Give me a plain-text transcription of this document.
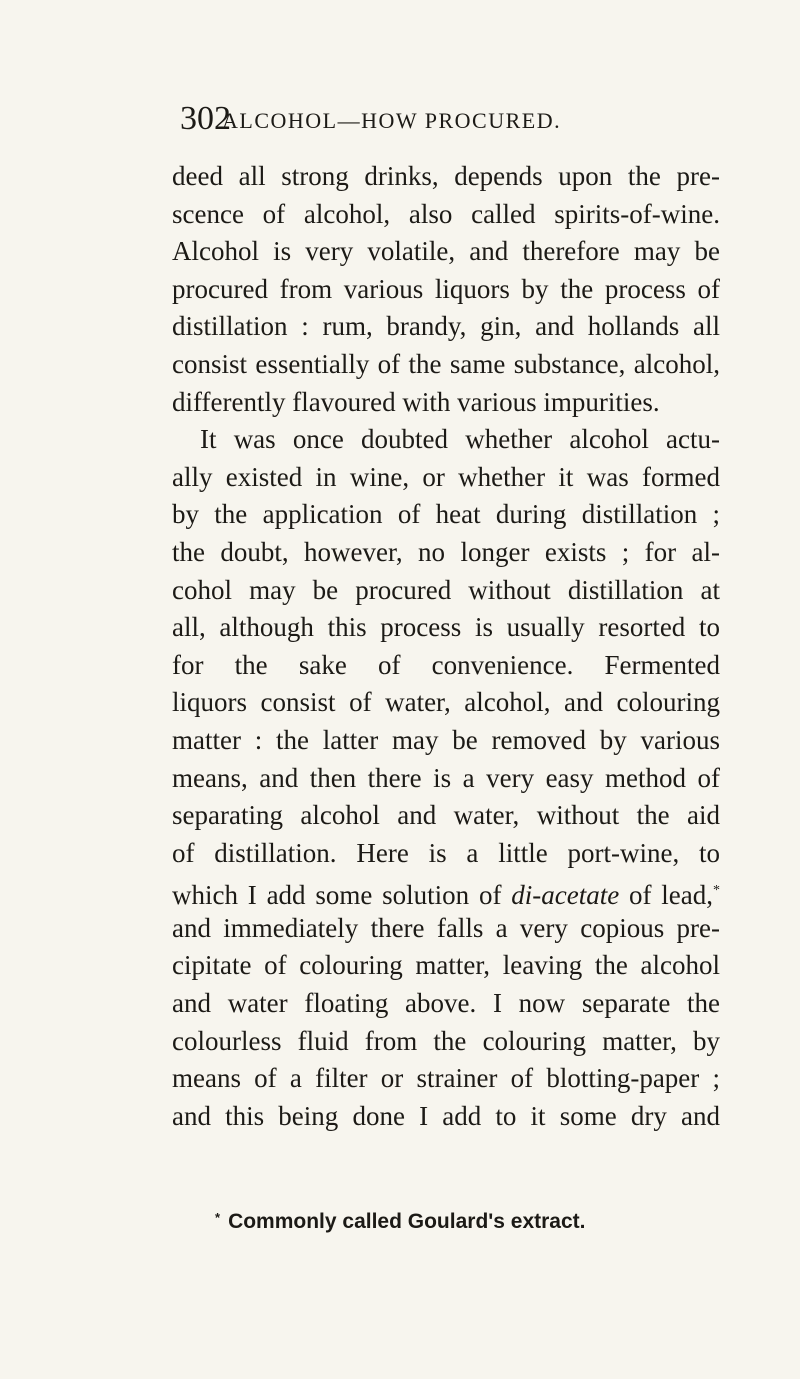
302
ALCOHOL—HOW PROCURED.
deed all strong drinks, depends upon the pre-
scence of alcohol, also called spirits-of-wine.
Alcohol is very volatile, and therefore may be
procured from various liquors by the process of
distillation : rum, brandy, gin, and hollands all
consist essentially of the same substance, alcohol,
differently flavoured with various impurities.
It was once doubted whether alcohol actu-
ally existed in wine, or whether it was formed
by the application of heat during distillation ;
the doubt, however, no longer exists ; for al-
cohol may be procured without distillation at
all, although this process is usually resorted to
for the sake of convenience. Fermented
liquors consist of water, alcohol, and colouring
matter : the latter may be removed by various
means, and then there is a very easy method of
separating alcohol and water, without the aid
of distillation. Here is a little port-wine, to
which I add some solution of di-acetate of lead,*
and immediately there falls a very copious pre-
cipitate of colouring matter, leaving the alcohol
and water floating above. I now separate the
colourless fluid from the colouring matter, by
means of a filter or strainer of blotting-paper ;
and this being done I add to it some dry and
* Commonly called Goulard's extract.
